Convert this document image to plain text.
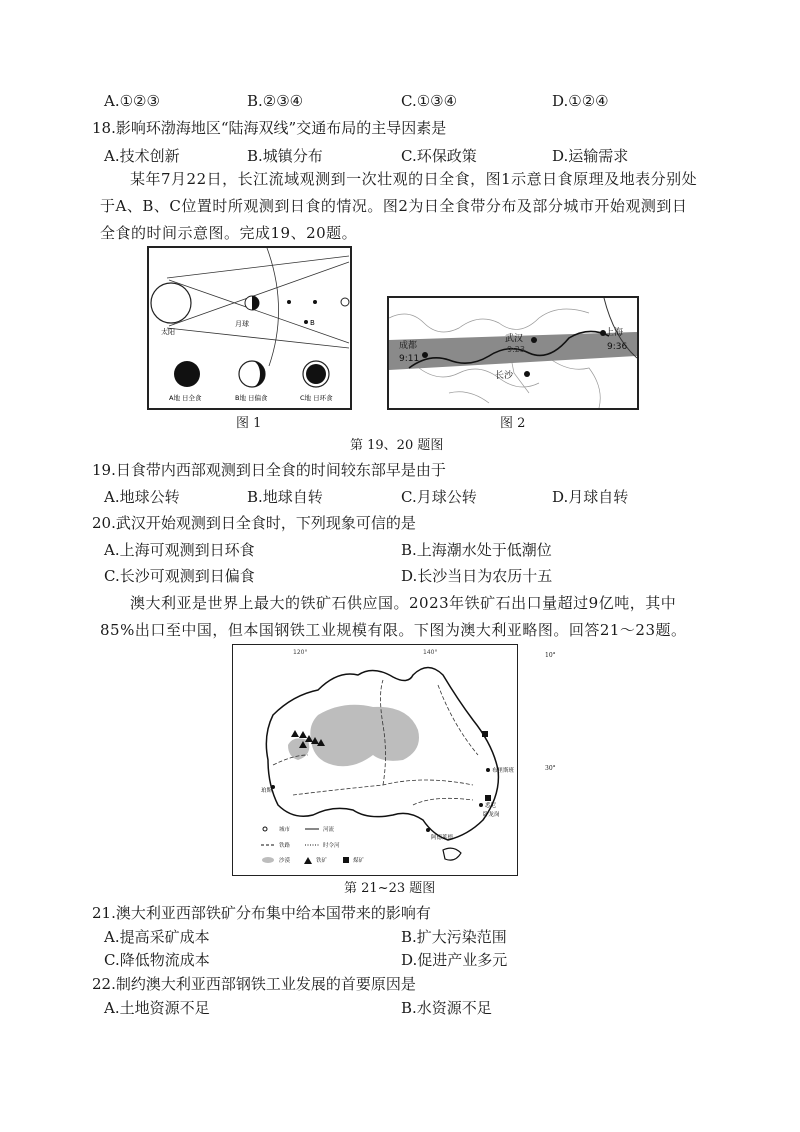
A.①②③	B.②③④	C.①③④	D.①②④
18.影响环渤海地区“陆海双线”交通布局的主导因素是
A.技术创新	B.城镇分布	C.环保政策	D.运输需求
某年7月22日，长江流域观测到一次壮观的日全食，图1示意日食原理及地表分别处于A、B、C位置时所观测到日食的情况。图2为日全食带分布及部分城市开始观测到日全食的时间示意图。完成19、20题。
太阳
月球	B
A地 日全食	B地 日偏食	C地 日环食
图 1
成都
9:11
武汉
9:23
上海
9:36
长沙
图 2
第 19、20 题图
19.日食带内西部观测到日全食的时间较东部早是由于
A.地球公转	B.地球自转	C.月球公转	D.月球自转
20.武汉开始观测到日全食时，下列现象可信的是
A.上海可观测到日环食	B.上海潮水处于低潮位
C.长沙可观测到日偏食	D.长沙当日为农历十五
澳大利亚是世界上最大的铁矿石供应国。2023年铁矿石出口量超过9亿吨，其中85%出口至中国，但本国钢铁工业规模有限。下图为澳大利亚略图。回答21～23题。
120°	140°
布里斯班
悉尼
卧龙岗
珀斯
阿德莱德
城市	河流
铁路	时令河
沙漠	铁矿	煤矿
10°
30°
第 21~23 题图
21.澳大利亚西部铁矿分布集中给本国带来的影响有
A.提高采矿成本	B.扩大污染范围
C.降低物流成本	D.促进产业多元
22.制约澳大利亚西部钢铁工业发展的首要原因是
A.土地资源不足	B.水资源不足
